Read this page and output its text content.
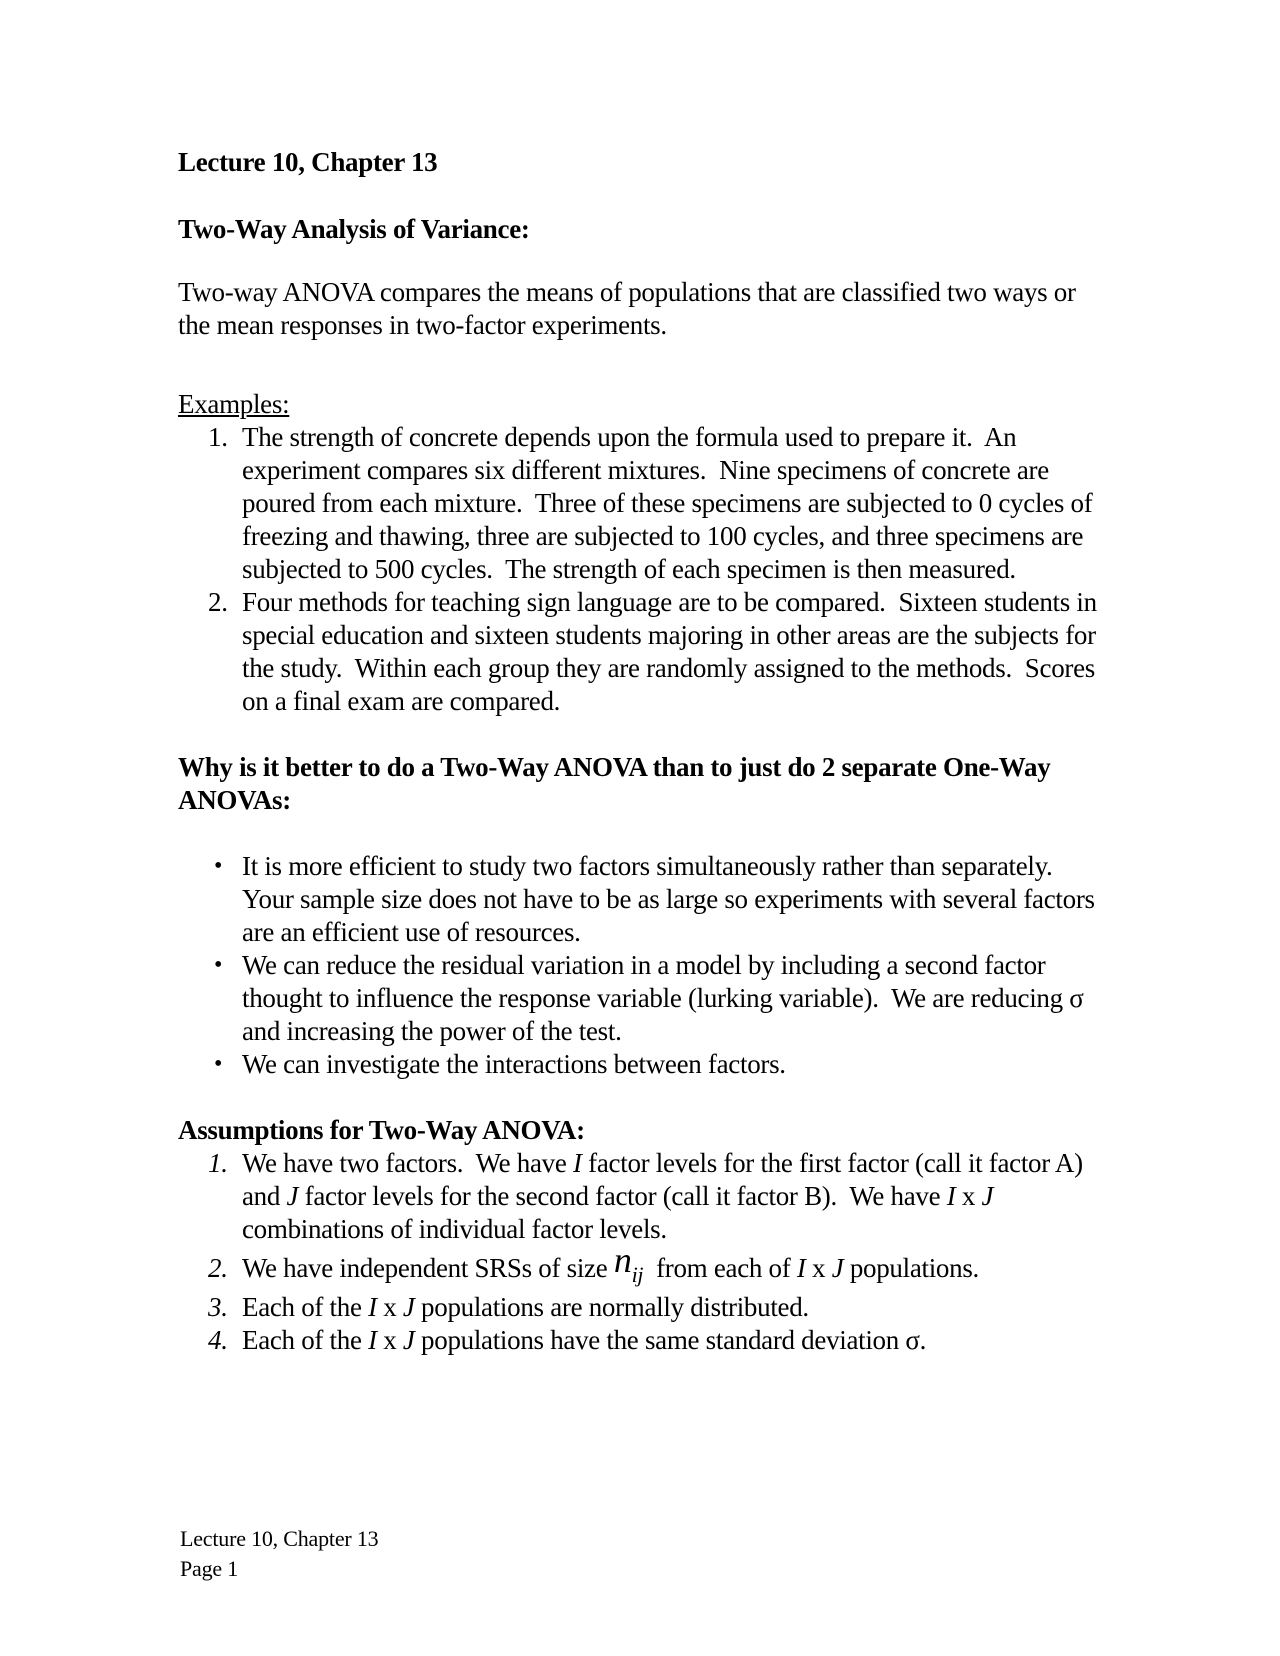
Lecture 10, Chapter 13
Two-Way Analysis of Variance:

Two-way ANOVA compares the means of populations that are classified two ways or the mean responses in two-factor experiments.

Examples:

1. The strength of concrete depends upon the formula used to prepare it.  An experiment compares six different mixtures.  Nine specimens of concrete are poured from each mixture.  Three of these specimens are subjected to 0 cycles of freezing and thawing, three are subjected to 100 cycles, and three specimens are subjected to 500 cycles.  The strength of each specimen is then measured.
2. Four methods for teaching sign language are to be compared.  Sixteen students in special education and sixteen students majoring in other areas are the subjects for the study.  Within each group they are randomly assigned to the methods.  Scores on a final exam are compared.
Why is it better to do a Two-Way ANOVA than to just do 2 separate One-Way ANOVAs:
• It is more efficient to study two factors simultaneously rather than separately.  Your sample size does not have to be as large so experiments with several factors are an efficient use of resources.
• We can reduce the residual variation in a model by including a second factor thought to influence the response variable (lurking variable).  We are reducing σ and increasing the power of the test.
• We can investigate the interactions between factors.
Assumptions for Two-Way ANOVA:
1. We have two factors.  We have I factor levels for the first factor (call it factor A) and J factor levels for the second factor (call it factor B).  We have I x J combinations of individual factor levels.
2. We have independent SRSs of size nij  from each of I x J populations.
3. Each of the I x J populations are normally distributed.
4. Each of the I x J populations have the same standard deviation σ.
Lecture 10, Chapter 13
Page 1
